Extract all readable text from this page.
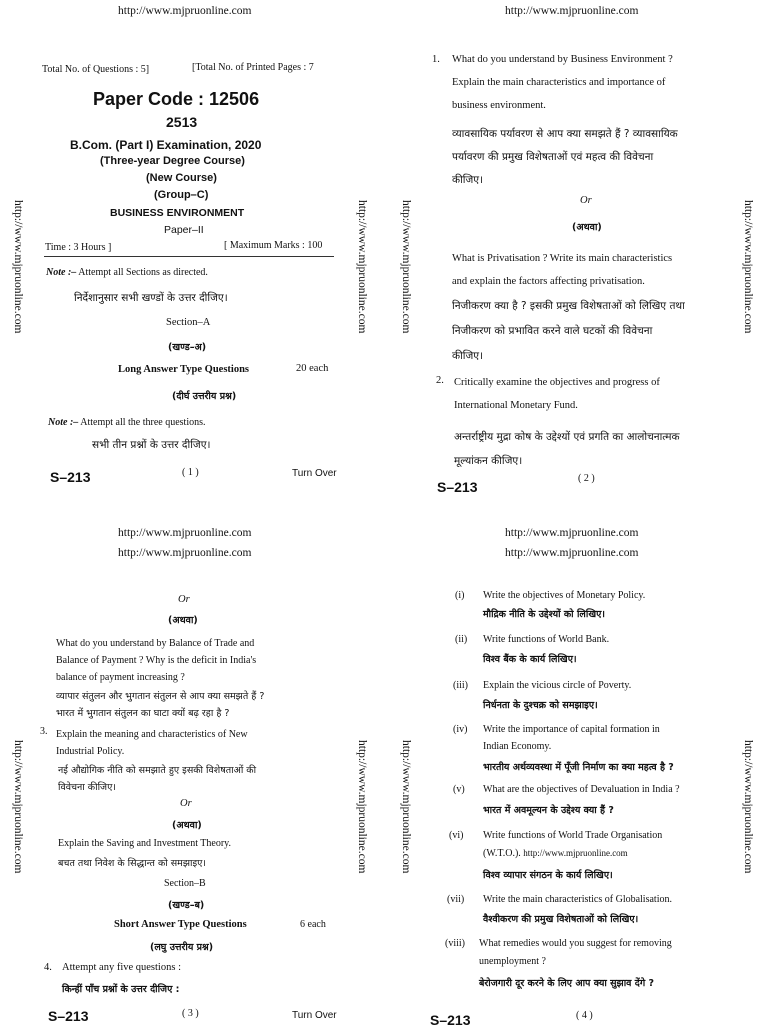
http://www.mjpruonline.com	http://www.mjpruonline.com
http://www.mjpruonline.com
http://www.mjpruonline.com
http://www.mjpruonline.com
http://www.mjpruonline.com
http://www.mjpruonline.com	http://www.mjpruonline.com	http://www.mjpruonline.com	http://www.mjpruonline.com
http://www.mjpruonline.com	http://www.mjpruonline.com	http://www.mjpruonline.com	http://www.mjpruonline.com
Total No. of Questions : 5]	[Total No. of Printed Pages : 7
Paper Code : 12506
2513
B.Com. (Part I) Examination, 2020
(Three-year Degree Course)
(New Course)
(Group–C)
BUSINESS ENVIRONMENT
Paper–II
Time : 3 Hours ]	[ Maximum Marks : 100
Note :– Attempt all Sections as directed.
निर्देशानुसार सभी खण्डों के उत्तर दीजिए।
Section–A
(खण्ड–अ)
Long Answer Type Questions	20 each
(दीर्घ उत्तरीय प्रश्न)
Note :– Attempt all the three questions.
सभी तीन प्रश्नों के उत्तर दीजिए।
S–213	( 1 )	Turn Over
1. What do you understand by Business Environment ?
Explain the main characteristics and importance of
business environment.
व्यावसायिक पर्यावरण से आप क्या समझते हैं ? व्यावसायिक
पर्यावरण की प्रमुख विशेषताओं एवं महत्व की विवेचना
कीजिए।
Or
(अथवा)
What is Privatisation ? Write its main characteristics
and explain the factors affecting privatisation.
निजीकरण क्या है ? इसकी प्रमुख विशेषताओं को लिखिए तथा
निजीकरण को प्रभावित करने वाले घटकों की विवेचना
कीजिए।
2. Critically examine the objectives and progress of
International Monetary Fund.
अन्तर्राष्ट्रीय मुद्रा कोष के उद्देश्यों एवं प्रगति का आलोचनात्मक
मूल्यांकन कीजिए।
S–213
( 2 )
Or
(अथवा)
What do you understand by Balance of Trade and
Balance of Payment ? Why is the deficit in India's
balance of payment increasing ?
व्यापार संतुलन और भुगतान संतुलन से आप क्या समझते हैं ?
भारत में भुगतान संतुलन का घाटा क्यों बढ़ रहा है ?
3. Explain the meaning and characteristics of New
Industrial Policy.
नई औद्योगिक नीति को समझाते हुए इसकी विशेषताओं की
विवेचना कीजिए।
Or
(अथवा)
Explain the Saving and Investment Theory.
बचत तथा निवेश के सिद्धान्त को समझाइए।
Section–B
(खण्ड–ब)
Short Answer Type Questions	6 each
(लघु उत्तरीय प्रश्न)
4. Attempt any five questions :
किन्हीं पाँच प्रश्नों के उत्तर दीजिए :
S–213	( 3 )	Turn Over
(i) Write the objectives of Monetary Policy.
मौद्रिक नीति के उद्देश्यों को लिखिए।
(ii) Write functions of World Bank.
विश्व बैंक के कार्य लिखिए।
(iii) Explain the vicious circle of Poverty.
निर्धनता के दुश्चक्र को समझाइए।
(iv) Write the importance of capital formation in
Indian Economy.
भारतीय अर्थव्यवस्था में पूँजी निर्माण का क्या महत्व है ?
(v) What are the objectives of Devaluation in India ?
भारत में अवमूल्यन के उद्देश्य क्या हैं ?
(vi) Write functions of World Trade Organisation
(W.T.O.). http://www.mjpruonline.com
विश्व व्यापार संगठन के कार्य लिखिए।
(vii) Write the main characteristics of Globalisation.
वैश्वीकरण की प्रमुख विशेषताओं को लिखिए।
(viii) What remedies would you suggest for removing
unemployment ?
बेरोजगारी दूर करने के लिए आप क्या सुझाव देंगे ?
S–213	( 4 )
